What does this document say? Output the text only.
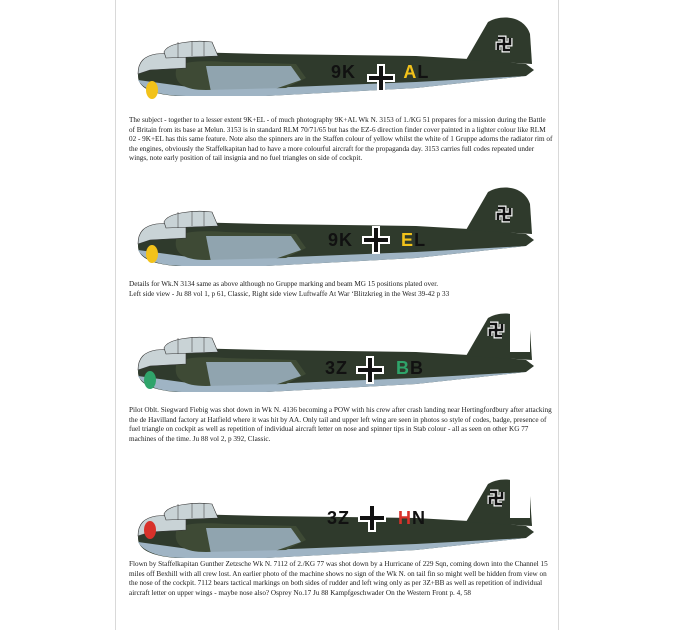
9K	AL

The subject - together to a lesser extent 9K+EL - of much photography 9K+AL Wk N. 3153 of 1./KG 51 prepares for a mission during the Battle of Britain from its base at Melun. 3153 is in standard RLM 70/71/65 but has the EZ-6 direction finder cover painted in a lighter colour like RLM 02 - 9K+EL has this same feature. Note also the spinners are in the Staffen colour of yellow whilst the white of 1 Gruppe adorns the radiator rim of the engines, obviously the Staffelkapitan had to have a more colourful aircraft for the propaganda day. 3153 carries full codes repeated under wings, note early position of tail insignia and no fuel triangles on side of cockpit.

9K	EL

Details for Wk.N 3134 same as above although no Gruppe marking and beam MG 15 positions plated over.

Left side view - Ju 88 vol 1, p 61, Classic, Right side view Luftwaffe At War ‘Blitzkrieg in the West 39-42 p 33

3Z	BB

Pilot Oblt. Siegward Fiebig was shot down in Wk N. 4136 becoming a POW with his crew after crash landing near Hertingfordbury after attacking the de Havilland factory at Hatfield where it was hit by AA. Only tail and upper left wing are seen in photos so style of codes, badge, presence of fuel triangle on cockpit as well as repetition of individual aircraft letter on nose and spinner tips in Stab colour - all as seen on other KG 77 machines of the time. Ju 88 vol 2, p 392, Classic.

3Z	HN

Flown by Staffelkapitan Gunther Zetzsche Wk N. 7112 of 2./KG 77 was shot down by a Hurricane of 229 Sqn, coming down into the Channel 15 miles off Bexhill with all crew lost. An earlier photo of the machine shows no sign of the Wk N. on tail fin so might well be hidden from view on the nose of the cockpit. 7112 bears tactical markings on both sides of rudder and left wing only as per 3Z+BB as well as repetition of individual aircraft letter on upper wings - maybe nose also? Osprey No.17 Ju 88 Kampfgeschwader On the Western Front p. 4, 58
